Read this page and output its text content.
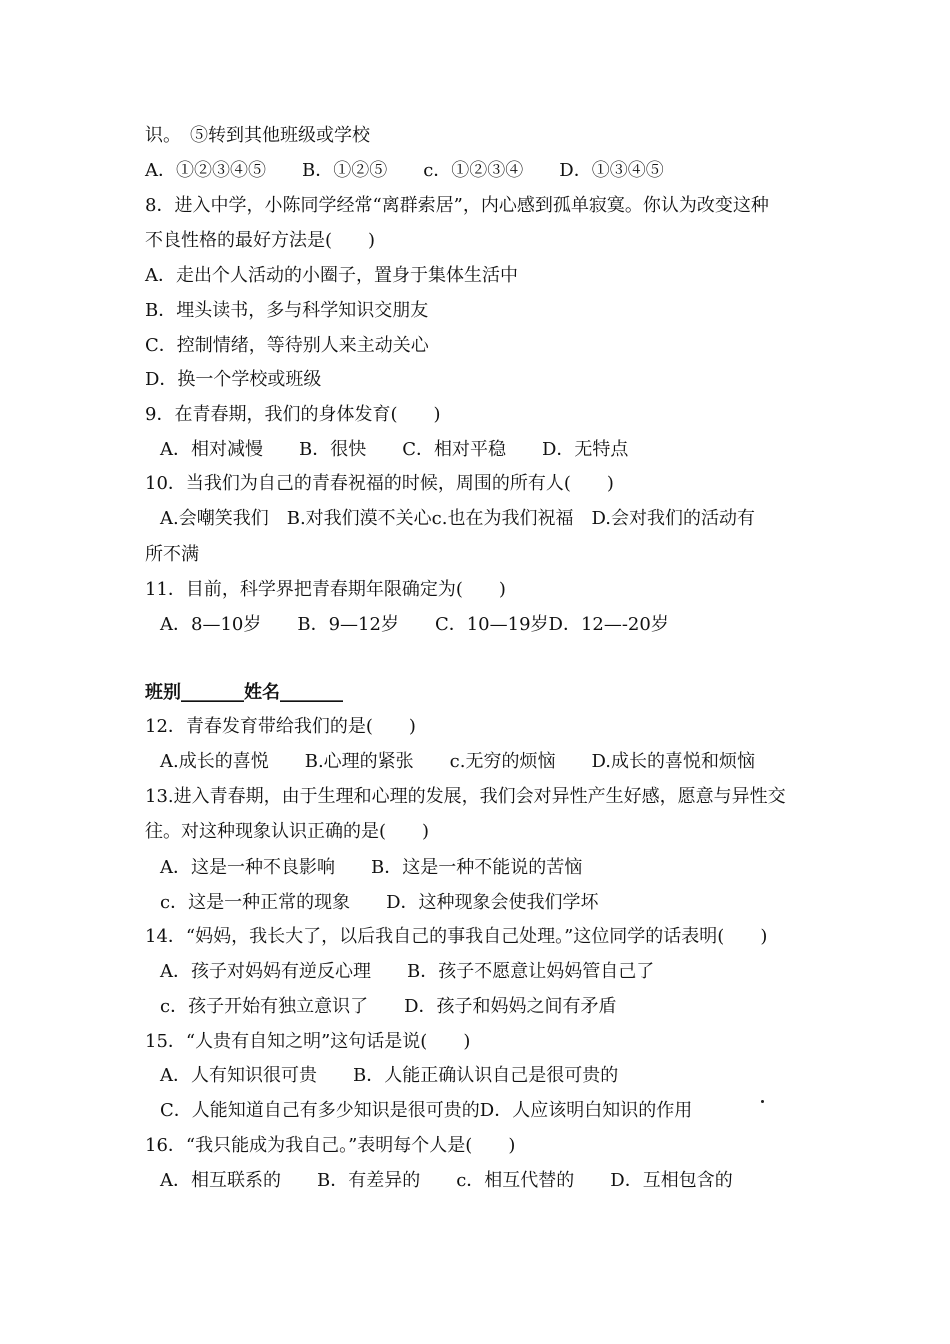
识。　⑤转到其他班级或学校
A．①②③④⑤　　B．①②⑤　　c．①②③④　　D．①③④⑤
8．进入中学，小陈同学经常“离群索居”，内心感到孤单寂寞。你认为改变这种
不良性格的最好方法是(　　)
A．走出个人活动的小圈子，置身于集体生活中
B．埋头读书，多与科学知识交朋友
C．控制情绪，等待别人来主动关心
D．换一个学校或班级
9．在青春期，我们的身体发育(　　)
A．相对减慢　　B．很快　　C．相对平稳　　D．无特点
10．当我们为自己的青春祝福的时候，周围的所有人(　　)
A.会嘲笑我们　B.对我们漠不关心c.也在为我们祝福　D.会对我们的活动有
所不满
11．目前，科学界把青春期年限确定为(　　)
A．8—10岁　　B．9—12岁　　C．10—19岁D．12—-20岁
班别_______姓名_______
12．青春发育带给我们的是(　　)
A.成长的喜悦　　B.心理的紧张　　c.无穷的烦恼　　D.成长的喜悦和烦恼
13.进入青春期，由于生理和心理的发展，我们会对异性产生好感，愿意与异性交
往。对这种现象认识正确的是(　　)
A．这是一种不良影响　　B．这是一种不能说的苦恼
c．这是一种正常的现象　　D．这种现象会使我们学坏
14．“妈妈，我长大了，以后我自己的事我自己处理。”这位同学的话表明(　　)
A．孩子对妈妈有逆反心理　　B．孩子不愿意让妈妈管自己了
c．孩子开始有独立意识了　　D．孩子和妈妈之间有矛盾
15．“人贵有自知之明”这句话是说(　　)
A．人有知识很可贵　　B．人能正确认识自己是很可贵的
C．人能知道自己有多少知识是很可贵的D．人应该明白知识的作用
16．“我只能成为我自己。”表明每个人是(　　)
A．相互联系的　　B．有差异的　　c．相互代替的　　D．互相包含的
